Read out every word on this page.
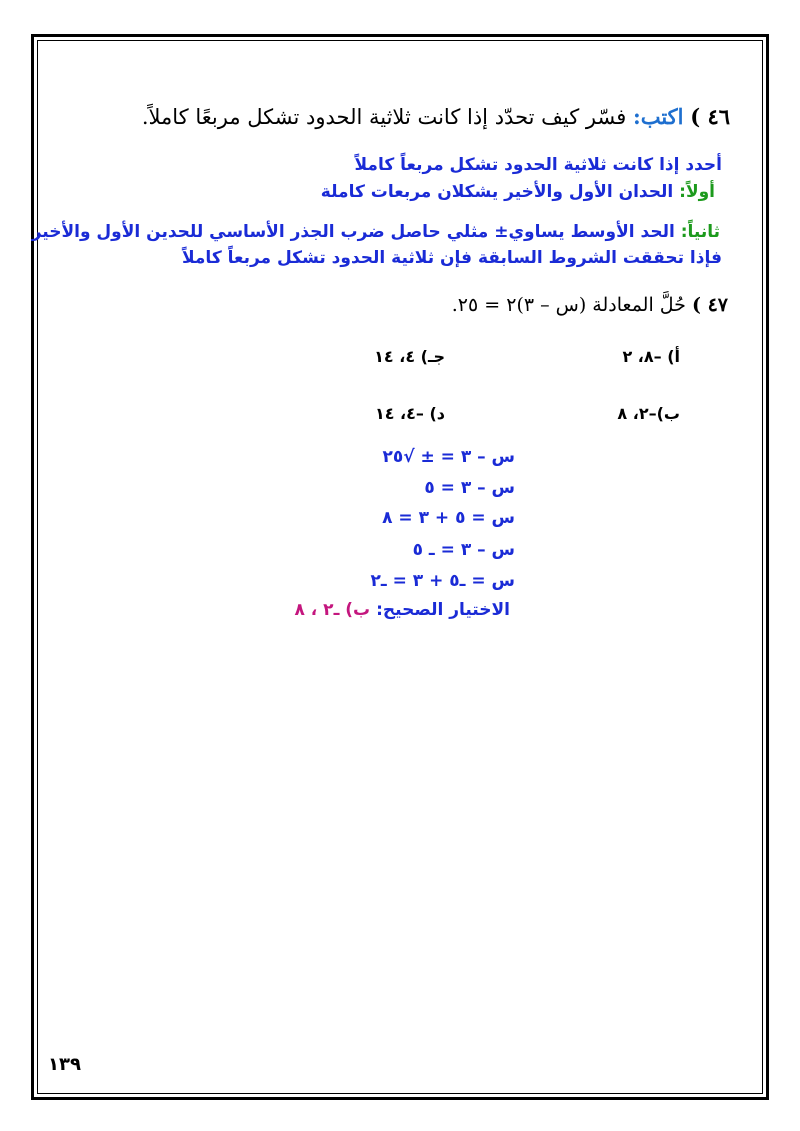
٤٦ ) اكتب: فسّر كيف تحدّد إذا كانت ثلاثية الحدود تشكل مربعًا كاملاً.
أحدد إذا كانت ثلاثية الحدود تشكل مربعاً كاملاً
أولاً: الحدان الأول والأخير يشكلان مربعات كاملة
ثانياً: الحد الأوسط يساوي± مثلي حاصل ضرب الجذر الأساسي للحدين الأول والأخير
فإذا تحققت الشروط السابقة فإن ثلاثية الحدود تشكل مربعاً كاملاً
٤٧ ) حُلَّ المعادلة (س – ٣)٢ = ٢٥.
أ) –٨، ٢
جـ) ٤، ١٤
ب)–٢، ٨
د) –٤، ١٤
س – ٣ = ± √٢٥
س – ٣ = ٥
س = ٥ + ٣ = ٨
س – ٣ = ـ ٥
س = ـ٥ + ٣ = ـ٢
الاختيار الصحيح: ب) ـ٢ ، ٨
١٣٩
